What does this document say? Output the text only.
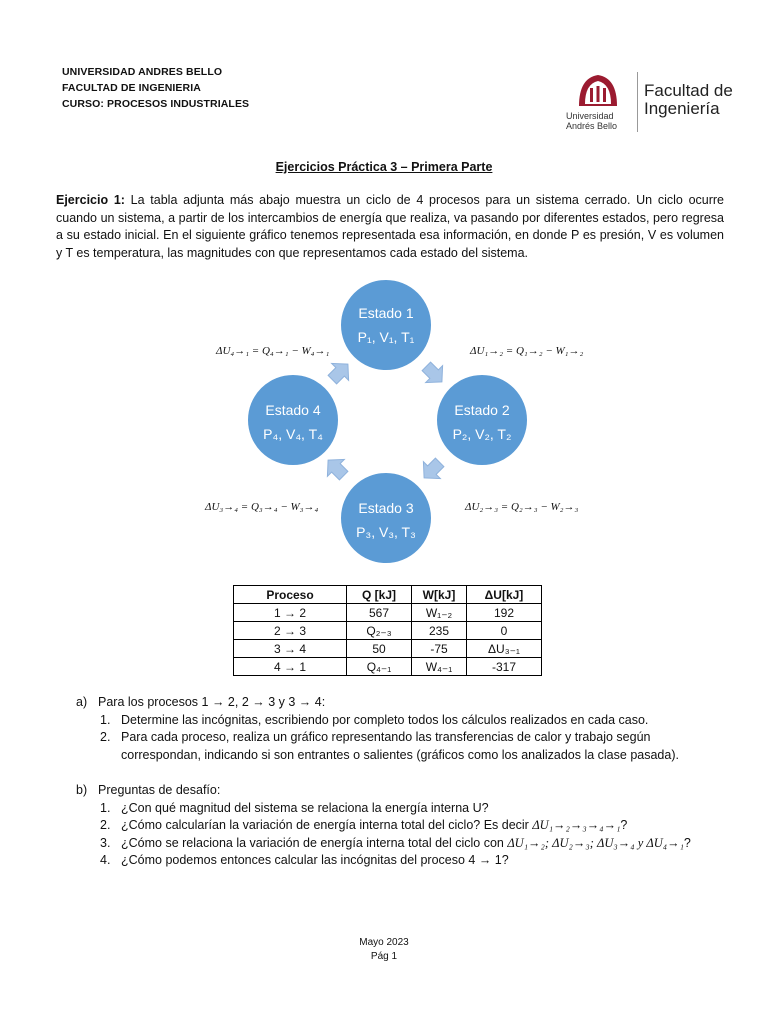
UNIVERSIDAD ANDRES BELLO
FACULTAD DE INGENIERIA
CURSO: PROCESOS INDUSTRIALES
Universidad
Andrés Bello
Facultad de
Ingeniería
Ejercicios Práctica 3 – Primera Parte
Ejercicio 1: La tabla adjunta más abajo muestra un ciclo de 4 procesos para un sistema cerrado. Un ciclo ocurre cuando un sistema, a partir de los intercambios de energía que realiza, va pasando por diferentes estados, pero regresa a su estado inicial. En el siguiente gráfico tenemos representada esa información, en donde P es presión, V es volumen y T es temperatura, las magnitudes con que representamos cada estado del sistema.
Estado 1
P₁, V₁, T₁
Estado 2
P₂, V₂, T₂
Estado 3
P₃, V₃, T₃
Estado 4
P₄, V₄, T₄
ΔU₄→₁ = Q₄→₁ − W₄→₁	ΔU₁→₂ = Q₁→₂ − W₁→₂
ΔU₃→₄ = Q₃→₄ − W₃→₄	ΔU₂→₃ = Q₂→₃ − W₂→₃
Proceso	Q [kJ]	W[kJ]	ΔU[kJ]
1 → 2	567	W₁₋₂	192
2 → 3	Q₂₋₃	235	0
3 → 4	50	-75	ΔU₃₋₁
4 → 1	Q₄₋₁	W₄₋₁	-317
a) Para los procesos 1 → 2, 2 → 3 y 3 → 4:
1. Determine las incógnitas, escribiendo por completo todos los cálculos realizados en cada caso.
2. Para cada proceso, realiza un gráfico representando las transferencias de calor y trabajo según correspondan, indicando si son entrantes o salientes (gráficos como los analizados la clase pasada).
b) Preguntas de desafío:
1. ¿Con qué magnitud del sistema se relaciona la energía interna U?
2. ¿Cómo calcularían la variación de energía interna total del ciclo? Es decir ΔU₁→₂→₃→₄→₁?
3. ¿Cómo se relaciona la variación de energía interna total del ciclo con ΔU₁→₂; ΔU₂→₃; ΔU₃→₄ y ΔU₄→₁?
4. ¿Cómo podemos entonces calcular las incógnitas del proceso 4 → 1?
Mayo 2023
Pág 1
